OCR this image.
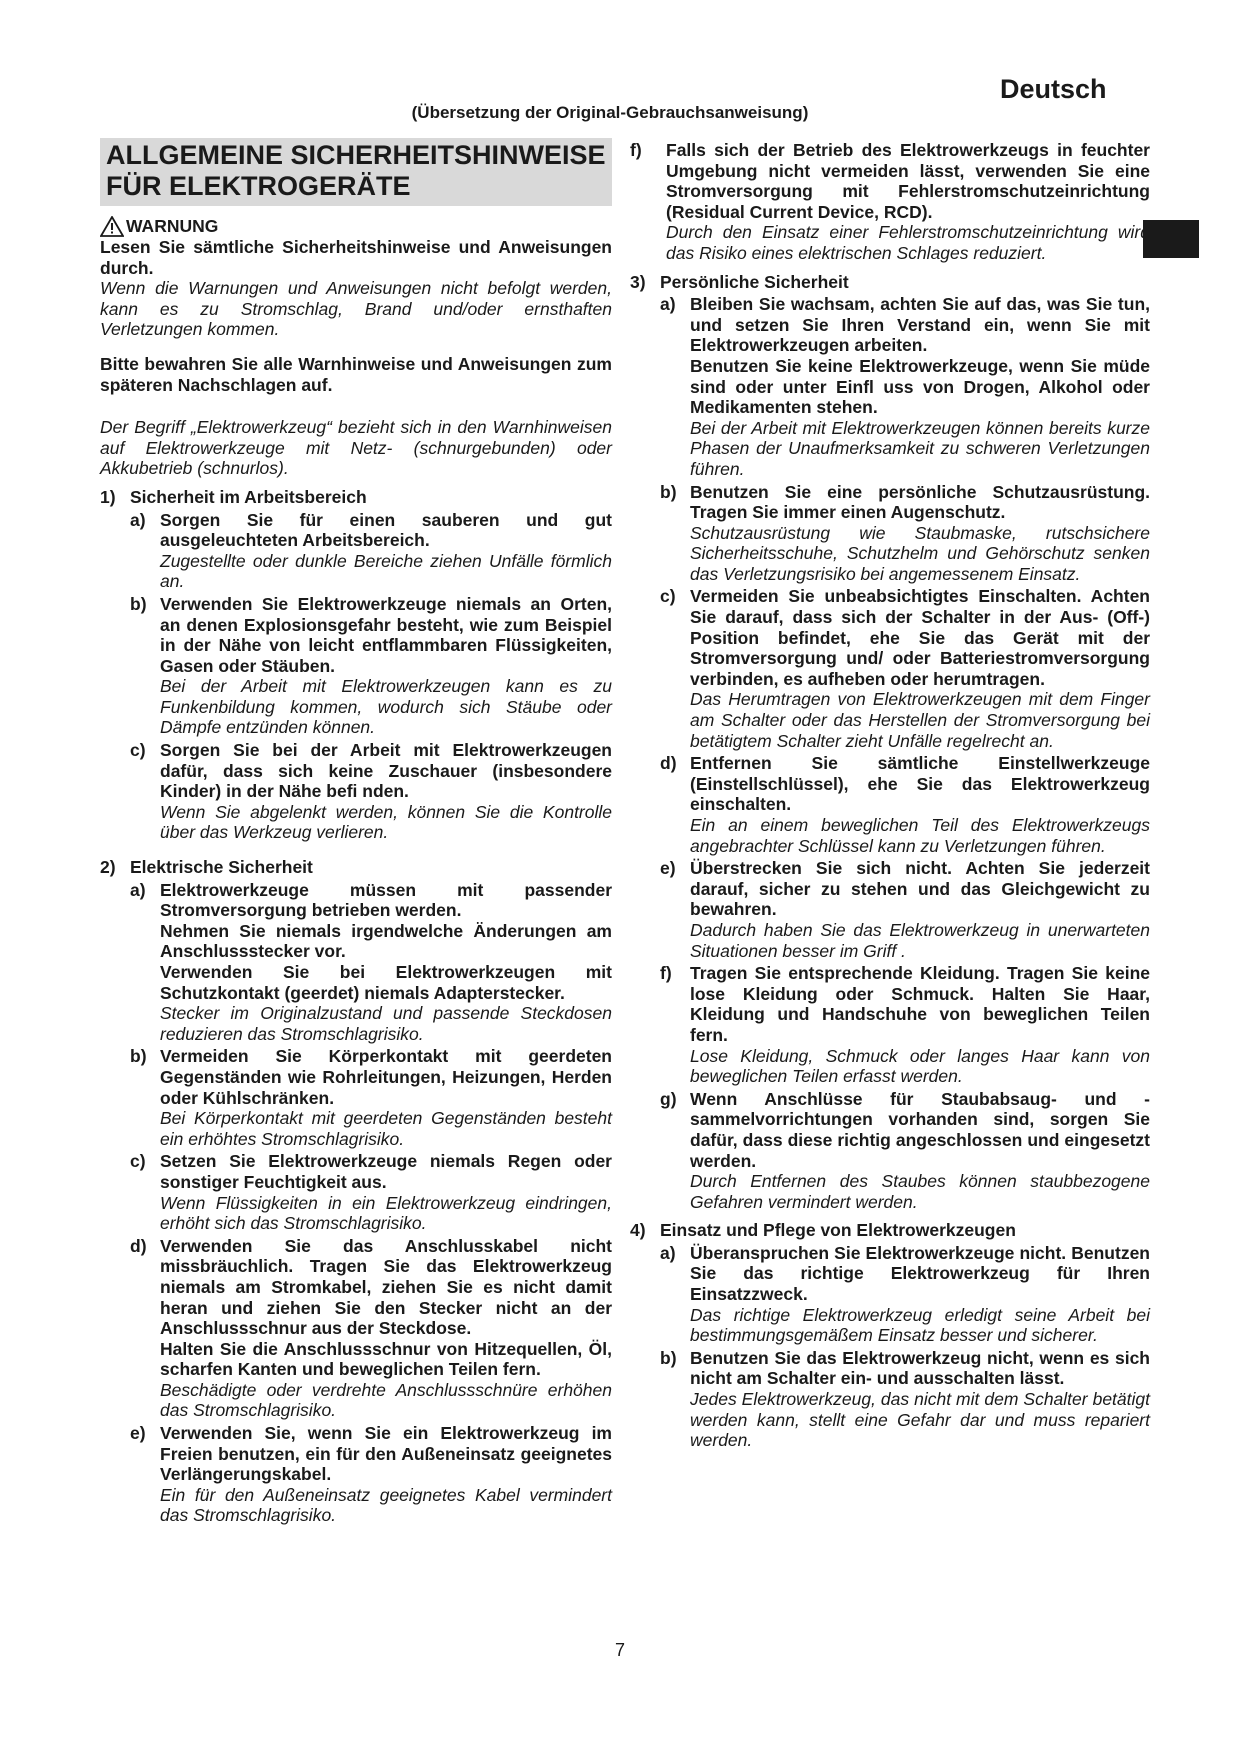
Deutsch
(Übersetzung der Original-Gebrauchsanweisung)
ALLGEMEINE SICHERHEITSHINWEISE FÜR ELEKTROGERÄTE
WARNUNG

Lesen Sie sämtliche Sicherheitshinweise und Anweisungen durch.

Wenn die Warnungen und Anweisungen nicht befolgt werden, kann es zu Stromschlag, Brand und/oder ernsthaften Verletzungen kommen.

Bitte bewahren Sie alle Warnhinweise und Anweisungen zum späteren Nachschlagen auf.

Der Begriff „Elektrowerkzeug“ bezieht sich in den Warnhinweisen auf Elektrowerkzeuge mit Netz- (schnurgebunden) oder Akkubetrieb (schnurlos).

1) Sicherheit im Arbeitsbereich
a) Sorgen Sie für einen sauberen und gut ausgeleuchteten Arbeitsbereich.

Zugestellte oder dunkle Bereiche ziehen Unfälle förmlich an.

b) Verwenden Sie Elektrowerkzeuge niemals an Orten, an denen Explosionsgefahr besteht, wie zum Beispiel in der Nähe von leicht entflammbaren Flüssigkeiten, Gasen oder Stäuben.

Bei der Arbeit mit Elektrowerkzeugen kann es zu Funkenbildung kommen, wodurch sich Stäube oder Dämpfe entzünden können.

c) Sorgen Sie bei der Arbeit mit Elektrowerkzeugen dafür, dass sich keine Zuschauer (insbesondere Kinder) in der Nähe befi nden.

Wenn Sie abgelenkt werden, können Sie die Kontrolle über das Werkzeug verlieren.

2) Elektrische Sicherheit
a) Elektrowerkzeuge müssen mit passender Stromversorgung betrieben werden.

Nehmen Sie niemals irgendwelche Änderungen am Anschlussstecker vor.

Verwenden Sie bei Elektrowerkzeugen mit Schutzkontakt (geerdet) niemals Adapterstecker.

Stecker im Originalzustand und passende Steckdosen reduzieren das Stromschlagrisiko.

b) Vermeiden Sie Körperkontakt mit geerdeten Gegenständen wie Rohrleitungen, Heizungen, Herden oder Kühlschränken.

Bei Körperkontakt mit geerdeten Gegenständen besteht ein erhöhtes Stromschlagrisiko.

c) Setzen Sie Elektrowerkzeuge niemals Regen oder sonstiger Feuchtigkeit aus.

Wenn Flüssigkeiten in ein Elektrowerkzeug eindringen, erhöht sich das Stromschlagrisiko.

d) Verwenden Sie das Anschlusskabel nicht missbräuchlich. Tragen Sie das Elektrowerkzeug niemals am Stromkabel, ziehen Sie es nicht damit heran und ziehen Sie den Stecker nicht an der Anschlussschnur aus der Steckdose.

Halten Sie die Anschlussschnur von Hitzequellen, Öl, scharfen Kanten und beweglichen Teilen fern.

Beschädigte oder verdrehte Anschlussschnüre erhöhen das Stromschlagrisiko.

e) Verwenden Sie, wenn Sie ein Elektrowerkzeug im Freien benutzen, ein für den Außeneinsatz geeignetes Verlängerungskabel.

Ein für den Außeneinsatz geeignetes Kabel vermindert das Stromschlagrisiko.

f)	Falls sich der Betrieb des Elektrowerkzeugs in feuchter Umgebung nicht vermeiden lässt, verwenden Sie eine Stromversorgung mit Fehlerstromschutzeinrichtung (Residual Current Device, RCD).

Durch den Einsatz einer Fehlerstromschutzeinrichtung wird das Risiko eines elektrischen Schlages reduziert.

3) Persönliche Sicherheit
a) Bleiben Sie wachsam, achten Sie auf das, was Sie tun, und setzen Sie Ihren Verstand ein, wenn Sie mit Elektrowerkzeugen arbeiten.

Benutzen Sie keine Elektrowerkzeuge, wenn Sie müde sind oder unter Einfl uss von Drogen, Alkohol oder Medikamenten stehen.

Bei der Arbeit mit Elektrowerkzeugen können bereits kurze Phasen der Unaufmerksamkeit zu schweren Verletzungen führen.

b) Benutzen Sie eine persönliche Schutzausrüstung. Tragen Sie immer einen Augenschutz.

Schutzausrüstung wie Staubmaske, rutschsichere Sicherheitsschuhe, Schutzhelm und Gehörschutz senken das Verletzungsrisiko bei angemessenem Einsatz.

c) Vermeiden Sie unbeabsichtigtes Einschalten. Achten Sie darauf, dass sich der Schalter in der Aus- (Off-) Position befindet, ehe Sie das Gerät mit der Stromversorgung und/ oder Batteriestromversorgung verbinden, es aufheben oder herumtragen.

Das Herumtragen von Elektrowerkzeugen mit dem Finger am Schalter oder das Herstellen der Stromversorgung bei betätigtem Schalter zieht Unfälle regelrecht an.

d) Entfernen Sie sämtliche Einstellwerkzeuge (Einstellschlüssel), ehe Sie das Elektrowerkzeug einschalten.

Ein an einem beweglichen Teil des Elektrowerkzeugs angebrachter Schlüssel kann zu Verletzungen führen.

e) Überstrecken Sie sich nicht. Achten Sie jederzeit darauf, sicher zu stehen und das Gleichgewicht zu bewahren.

Dadurch haben Sie das Elektrowerkzeug in unerwarteten Situationen besser im Griff .

f)	Tragen Sie entsprechende Kleidung. Tragen Sie keine lose Kleidung oder Schmuck. Halten Sie Haar, Kleidung und Handschuhe von beweglichen Teilen fern.

Lose Kleidung, Schmuck oder langes Haar kann von beweglichen Teilen erfasst werden.

g) Wenn Anschlüsse für Staubabsaug- und -sammelvorrichtungen vorhanden sind, sorgen Sie dafür, dass diese richtig angeschlossen und eingesetzt werden.

Durch Entfernen des Staubes können staubbezogene Gefahren vermindert werden.

4) Einsatz und Pflege von Elektrowerkzeugen
a) Überanspruchen Sie Elektrowerkzeuge nicht. Benutzen Sie das richtige Elektrowerkzeug für Ihren Einsatzzweck.

Das richtige Elektrowerkzeug erledigt seine Arbeit bei bestimmungsgemäßem Einsatz besser und sicherer.

b) Benutzen Sie das Elektrowerkzeug nicht, wenn es sich nicht am Schalter ein- und ausschalten lässt.

Jedes Elektrowerkzeug, das nicht mit dem Schalter betätigt werden kann, stellt eine Gefahr dar und muss repariert werden.

7
